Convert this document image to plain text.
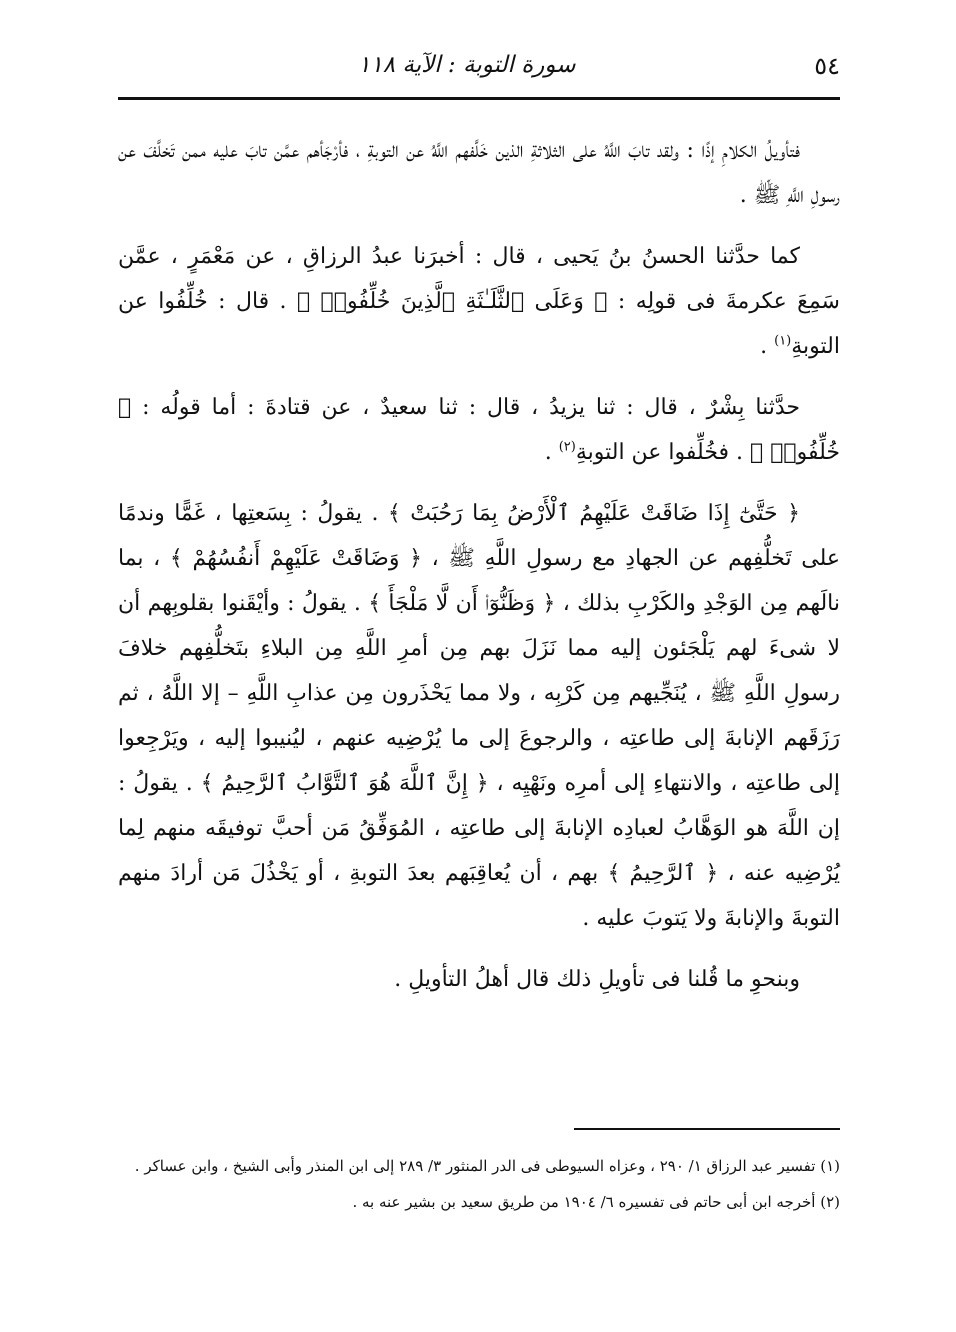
٥٤
سورة التوبة : الآية ١١٨

فتأويلُ الكلامِ إذًا : ولقد تابَ اللَّهُ على الثلاثةِ الذين خَلَّفهم اللَّهُ عن التوبةِ ، فأرْجَأهم عمَّن تابَ عليه ممن تَخلَّفَ عن رسولِ اللَّهِ ﷺ .

كما حدَّثنا الحسنُ بنُ يَحيى ، قال : أخبرَنا عبدُ الرزاقِ ، عن مَعْمَرٍ ، عمَّن سَمِعَ عكرمةَ فى قولِه : ﴿ وَعَلَى ٱلثَّلَـٰثَةِ ٱلَّذِينَ خُلِّفُوا۟ ﴾ . قال : خُلِّفُوا عن التوبةِ$^{(١)}$ .

حدَّثنا بِشْرٌ ، قال : ثنا يزيدُ ، قال : ثنا سعيدٌ ، عن قتادةَ : أما قولُه : ﴿ خُلِّفُوا۟ ﴾ . فخُلِّفوا عن التوبةِ$^{(٢)}$ .

﴿ حَتَّىٰٓ إِذَا ضَاقَتْ عَلَيْهِمُ ٱلْأَرْضُ بِمَا رَحُبَتْ ﴾ . يقولُ : بِسَعتِها ، غَمًّا وندمًا على تَخلُّفِهم عن الجهادِ مع رسولِ اللَّهِ ﷺ ، ﴿ وَضَاقَتْ عَلَيْهِمْ أَنفُسُهُمْ ﴾ ، بما نالَهم مِن الوَجْدِ والكَرْبِ بذلك ، ﴿ وَظَنُّوٓا۟ أَن لَّا مَلْجَأَ ﴾ . يقولُ : وأيْقَنوا بقلوبِهم أن لا شىءَ لهم يَلْجَئون إليه مما نَزَلَ بهم مِن أمرِ اللَّهِ مِن البلاءِ بتَخلُّفِهم خلافَ رسولِ اللَّهِ ﷺ ، يُنَجِّيهم مِن كَرْبِه ، ولا مما يَحْذَرون مِن عذابِ اللَّهِ – إلا اللَّهُ ، ثم رَزَقَهم الإنابةَ إلى طاعتِه ، والرجوعَ إلى ما يُرْضِيه عنهم ، ليُنيبوا إليه ، ويَرْجِعوا إلى طاعتِه ، والانتهاءِ إلى أمرِه ونَهْيِه ، ﴿ إِنَّ ٱللَّهَ هُوَ ٱلتَّوَّابُ ٱلرَّحِيمُ ﴾ . يقولُ : إن اللَّهَ هو الوَهَّابُ لعبادِه الإنابةَ إلى طاعتِه ، المُوَفِّقُ مَن أحبَّ توفيقَه منهم لِما يُرْضِيه عنه ، ﴿ ٱلرَّحِيمُ ﴾ بهم ، أن يُعاقِبَهم بعدَ التوبةِ ، أو يَخْذُلَ مَن أرادَ منهم التوبةَ والإنابةَ ولا يَتوبَ عليه .

وبنحوِ ما قُلنا فى تأويلِ ذلك قال أهلُ التأويلِ .

(١) تفسير عبد الرزاق ١/ ٢٩٠ ، وعزاه السيوطى فى الدر المنثور ٣/ ٢٨٩ إلى ابن المنذر وأبى الشيخ ، وابن عساكر .

(٢) أخرجه ابن أبى حاتم فى تفسيره ٦/ ١٩٠٤ من طريق سعيد بن بشير عنه به .
